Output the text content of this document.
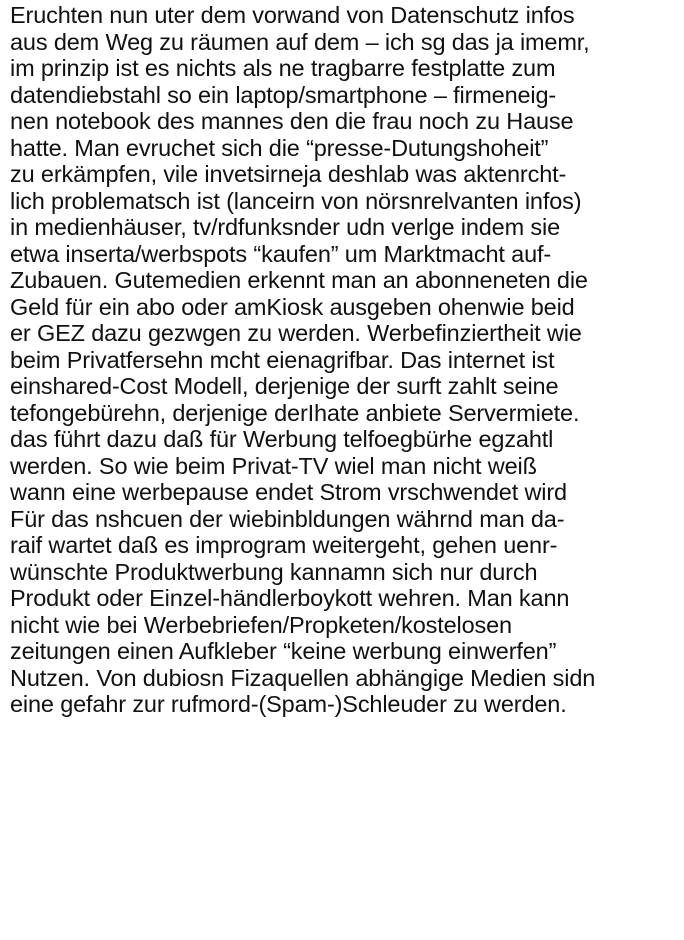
Eruchten nun uter dem vorwand von Datenschutz infos
aus dem Weg zu räumen auf dem – ich sg das ja imemr,
im prinzip ist es nichts als ne tragbarre festplatte zum
datendiebstahl so ein laptop/smartphone – firmeneig-
nen notebook des mannes den die frau noch zu Hause
hatte. Man evruchet sich die “presse-Dutungshoheit”
zu erkämpfen, vile invetsirneja deshlab was aktenrcht-
lich problematsch ist (lanceirn von nörsnrelvanten infos)
in medienhäuser, tv/rdfunksnder udn verlge indem sie
etwa inserta/werbspots “kaufen” um Marktmacht auf-
Zubauen. Gutemedien erkennt man an abonneneten die
Geld für ein abo oder amKiosk ausgeben ohenwie beid
er GEZ dazu gezwgen zu werden. Werbefinziertheit wie
beim Privatfersehn mcht eienagrifbar. Das internet ist
einshared-Cost Modell, derjenige der surft zahlt seine
tefongebürehn, derjenige derIhate anbiete Servermiete.
das führt dazu daß für Werbung telfoegbürhe egzahtl
werden. So wie beim Privat-TV wiel man nicht weiß
wann eine werbepause endet Strom vrschwendet wird
Für das nshcuen der wiebinbldungen währnd man da-
raif wartet daß es improgram weitergeht, gehen uenr-
wünschte Produktwerbung kannamn sich nur durch
Produkt oder Einzel-händlerboykott wehren. Man kann
nicht wie bei Werbebriefen/Propketen/kostelosen
zeitungen einen Aufkleber “keine werbung einwerfen”
Nutzen. Von dubiosn Fizaquellen abhängige Medien sidn
eine gefahr zur rufmord-(Spam-)Schleuder zu werden.
